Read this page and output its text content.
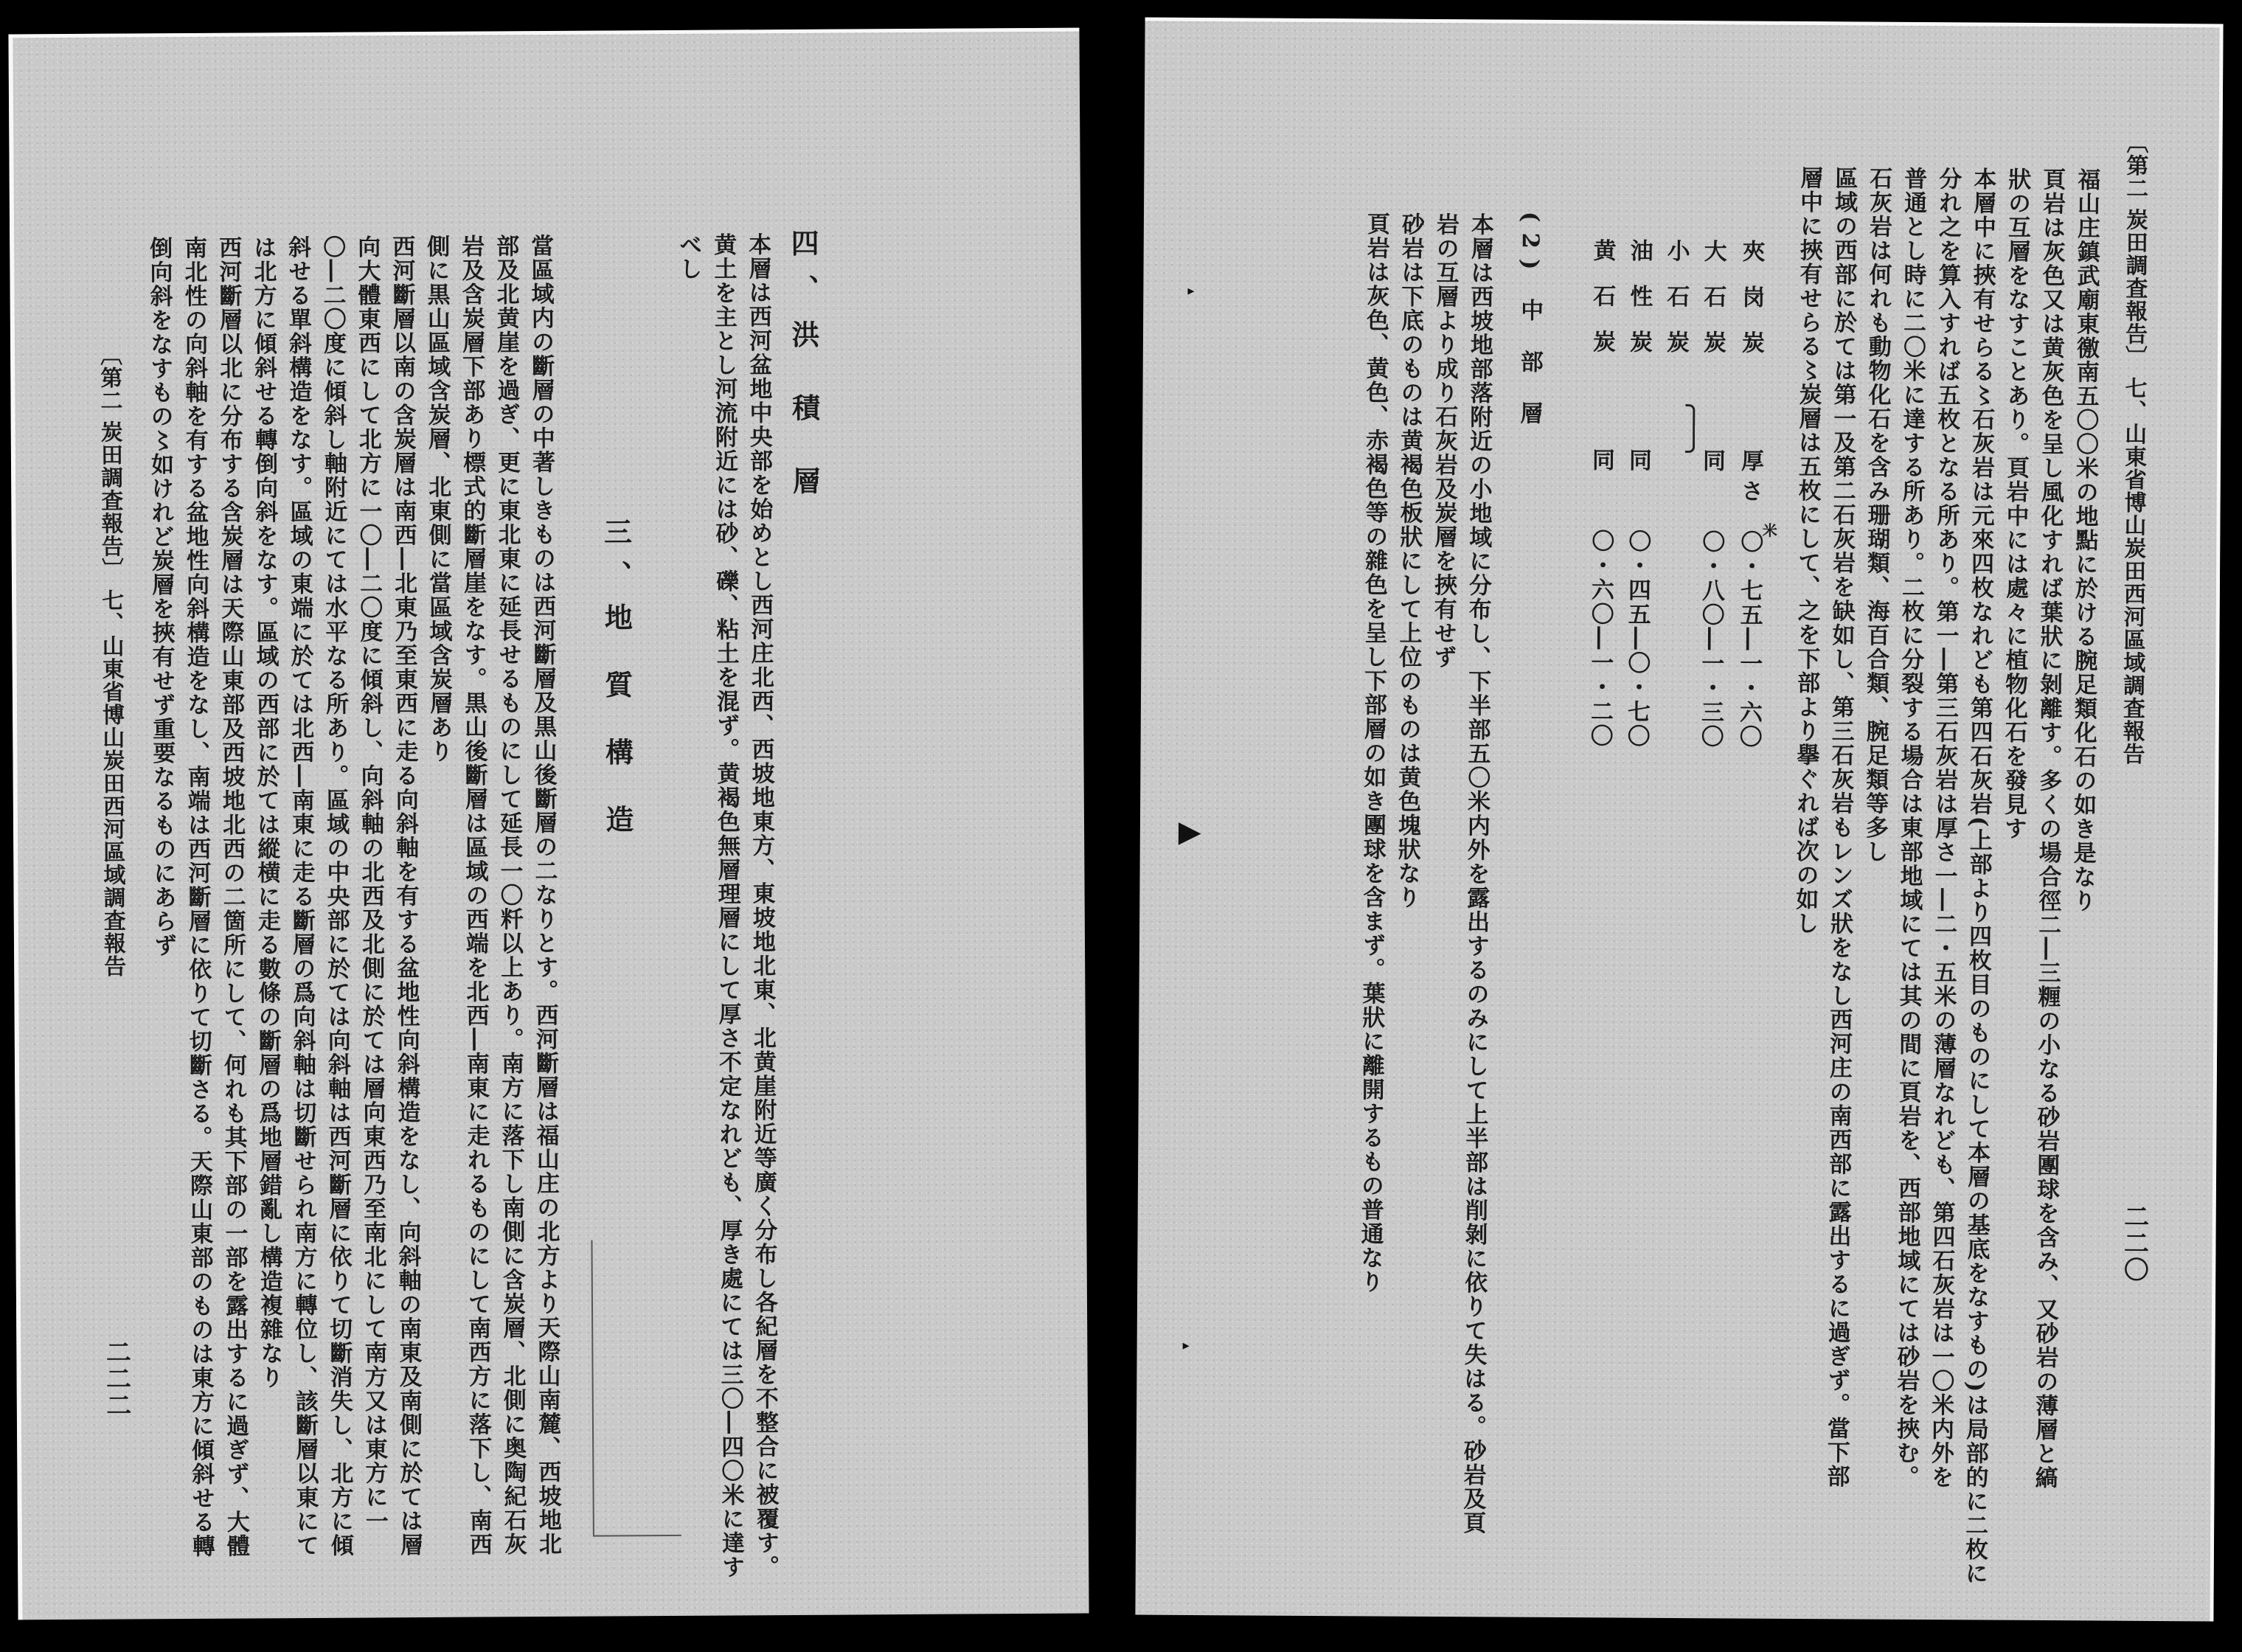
〔第二 炭田調査報告〕 七、山東省博山炭田西河區域調査報告
二二二
倒向斜をなすもの〻如けれど炭層を挾有せず重要なるものにあらず 南北性の向斜軸を有する盆地性向斜構造をなし、南端は西河斷層に依りて切斷さる。天際山東部のものは東方に傾斜せる轉 西河斷層以北に分布する含炭層は天際山東部及西坡地北西の二箇所にして、何れも其下部の一部を露出するに過ぎず、大體 は北方に傾斜せる轉倒向斜をなす。區域の西部に於ては縱横に走る數條の斷層の爲地層錯亂し構造複雜なり 斜せる單斜構造をなす。區域の東端に於ては北西―南東に走る斷層の爲向斜軸は切斷せられ南方に轉位し、該斷層以東にて 〇―二〇度に傾斜し軸附近にては水平なる所あり。區域の中央部に於ては向斜軸は西河斷層に依りて切斷消失し、北方に傾 向大體東西にして北方に一〇―二〇度に傾斜し、向斜軸の北西及北側に於ては層向東西乃至南北にして南方又は東方に一 西河斷層以南の含炭層は南西―北東乃至東西に走る向斜軸を有する盆地性向斜構造をなし、向斜軸の南東及南側に於ては層 側に黒山區域含炭層、北東側に當區域含炭層あり 岩及含炭層下部あり標式的斷層崖をなす。黒山後斷層は區域の西端を北西―南東に走れるものにして南西方に落下し、南西 部及北黄崖を過ぎ、更に東北東に延長せるものにして延長一〇粁以上あり。南方に落下し南側に含炭層、北側に奥陶紀石灰 當區域内の斷層の中著しきものは西河斷層及黒山後斷層の二なりとす。西河斷層は福山庄の北方より天際山南麓、西坡地北 三、地 質 構 造
べし 黄土を主とし河流附近には砂、礫、粘土を混ず。黄褐色無層理層にして厚さ不定なれども、厚き處にては三〇―四〇米に達す 本層は西河盆地中央部を始めとし西河庄北西、西坡地東方、東坡地北東、北黄崖附近等廣く分布し各紀層を不整合に被覆す。 四、洪 積 層	〔第二 炭田調査報告〕 七、山東省博山炭田西河區域調査報告
二二〇
福山庄鎮武廟東徼南五〇〇米の地點に於ける腕足類化石の如き是なり
頁岩は灰色又は黄灰色を呈し風化すれば葉狀に剝離す。多くの場合徑二―三糎の小なる砂岩團球を含み、又砂岩の薄層と縞
狀の互層をなすことあり。頁岩中には處々に植物化石を發見す
本層中に挾有せらる〻石灰岩は元來四枚なれども第四石灰岩(上部より四枚目のものにして本層の基底をなすもの)は局部的に二枚に
分れ之を算入すれば五枚となる所あり。第一―第三石灰岩は厚さ一―二・五米の薄層なれども、第四石灰岩は一〇米内外を
普通とし時に二〇米に達する所あり。二枚に分裂する場合は東部地域にては其の間に頁岩を、西部地域にては砂岩を挾む。
石灰岩は何れも動物化石を含み珊瑚類、海百合類、腕足類等多し
區域の西部に於ては第一及第二石灰岩を缺如し、第三石灰岩もレンズ狀をなし西河庄の南西部に露出するに過ぎず。當下部
層中に挾有せらる〻炭層は五枚にして、之を下部より擧ぐれば次の如し
夾 岗 炭
厚さ
〇・七五―一・六〇
米
大 石 炭
同
〇・八〇―一・三〇
小 石 炭
油 性 炭
同
〇・四五―〇・七〇
黄 石 炭
同
〇・六〇―一・二〇
(2) 中 部 層
本層は西坡地部落附近の小地域に分布し、下半部五〇米内外を露出するのみにして上半部は削剝に依りて失はる。砂岩及頁
岩の互層より成り石灰岩及炭層を挾有せず
砂岩は下底のものは黄褐色板狀にして上位のものは黄色塊狀なり
頁岩は灰色、黄色、赤褐色等の雜色を呈し下部層の如き團球を含まず。葉狀に離開するもの普通なり
▸
▶
▸
